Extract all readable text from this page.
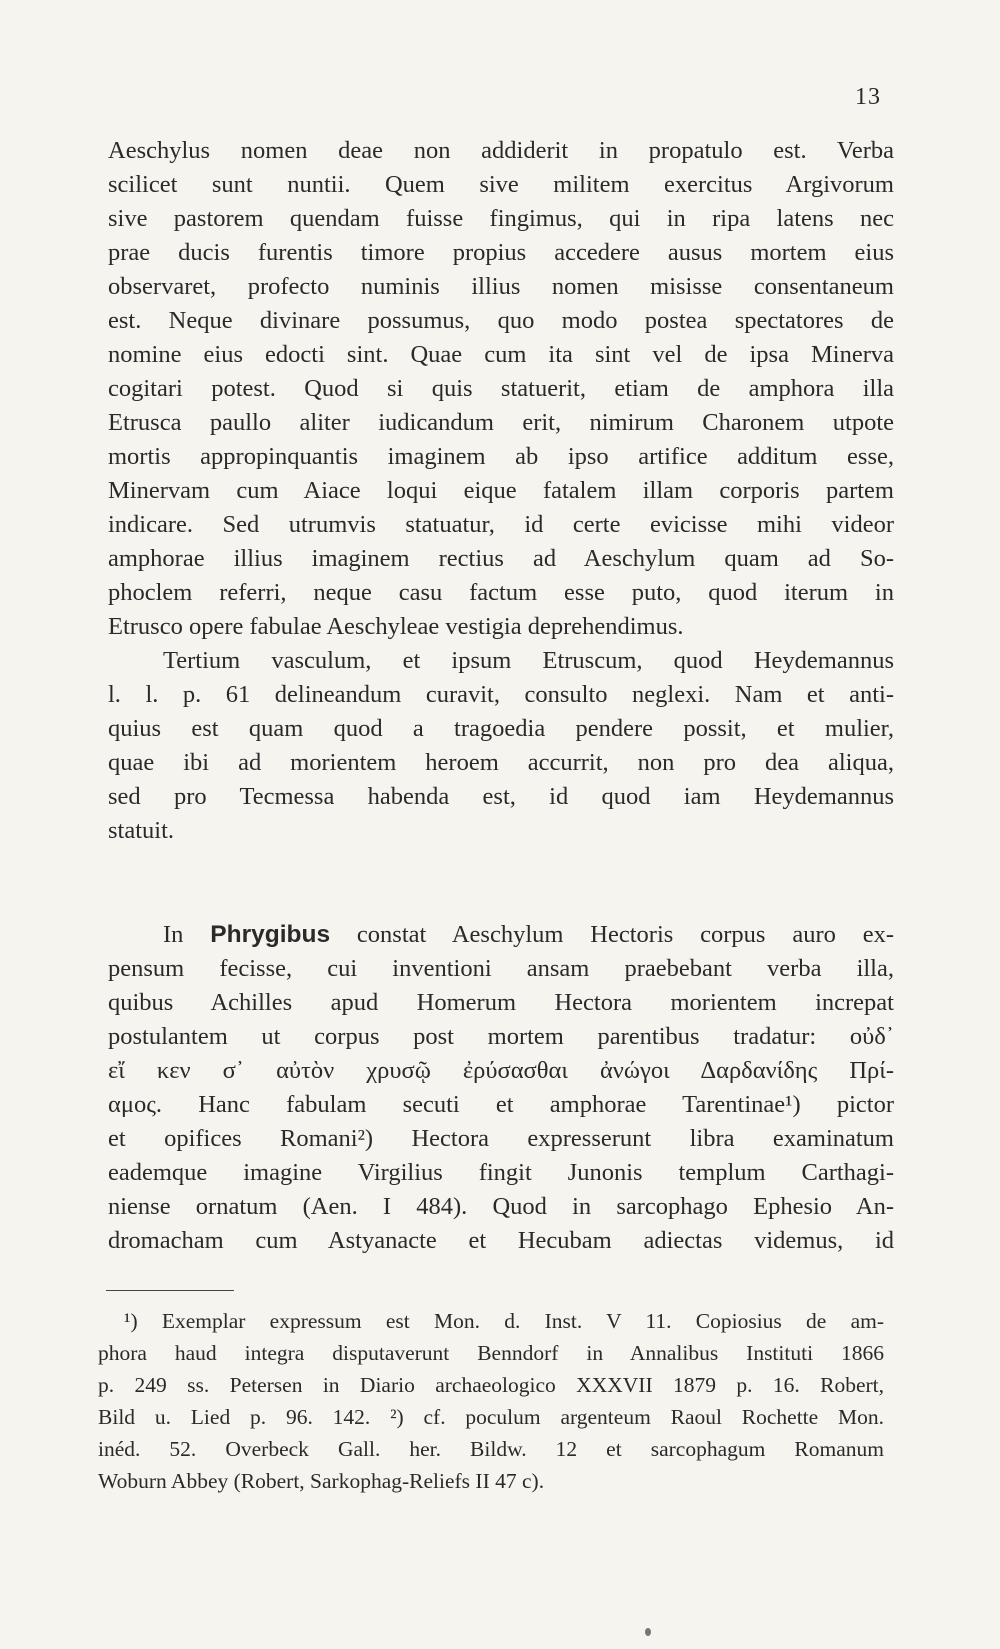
13
Aeschylus nomen deae non addiderit in propatulo est. Verba
scilicet sunt nuntii. Quem sive militem exercitus Argivorum
sive pastorem quendam fuisse fingimus, qui in ripa latens nec
prae ducis furentis timore propius accedere ausus mortem eius
observaret, profecto numinis illius nomen misisse consentaneum
est. Neque divinare possumus, quo modo postea spectatores de
nomine eius edocti sint. Quae cum ita sint vel de ipsa Minerva
cogitari potest. Quod si quis statuerit, etiam de amphora illa
Etrusca paullo aliter iudicandum erit, nimirum Charonem utpote
mortis appropinquantis imaginem ab ipso artifice additum esse,
Minervam cum Aiace loqui eique fatalem illam corporis partem
indicare. Sed utrumvis statuatur, id certe evicisse mihi videor
amphorae illius imaginem rectius ad Aeschylum quam ad So-
phoclem referri, neque casu factum esse puto, quod iterum in
Etrusco opere fabulae Aeschyleae vestigia deprehendimus.
Tertium vasculum, et ipsum Etruscum, quod Heydemannus
l. l. p. 61 delineandum curavit, consulto neglexi. Nam et anti-
quius est quam quod a tragoedia pendere possit, et mulier,
quae ibi ad morientem heroem accurrit, non pro dea aliqua,
sed pro Tecmessa habenda est, id quod iam Heydemannus
statuit.
In Phrygibus constat Aeschylum Hectoris corpus auro ex-
pensum fecisse, cui inventioni ansam praebebant verba illa,
quibus Achilles apud Homerum Hectora morientem increpat
postulantem ut corpus post mortem parentibus tradatur: οὐδ᾽
εἴ κεν σ᾽ αὐτὸν χρυσῷ ἐρύσασθαι ἀνώγοι Δαρδανίδης Πρί-
αμος. Hanc fabulam secuti et amphorae Tarentinae¹) pictor
et opifices Romani²) Hectora expresserunt libra examinatum
eademque imagine Virgilius fingit Junonis templum Carthagi-
niense ornatum (Aen. I 484). Quod in sarcophago Ephesio An-
dromacham cum Astyanacte et Hecubam adiectas videmus, id
¹) Exemplar expressum est Mon. d. Inst. V 11. Copiosius de am-
phora haud integra disputaverunt Benndorf in Annalibus Instituti 1866
p. 249 ss. Petersen in Diario archaeologico XXXVII 1879 p. 16. Robert,
Bild u. Lied p. 96. 142. ²) cf. poculum argenteum Raoul Rochette Mon.
inéd. 52. Overbeck Gall. her. Bildw. 12 et sarcophagum Romanum
Woburn Abbey (Robert, Sarkophag-Reliefs II 47 c).
